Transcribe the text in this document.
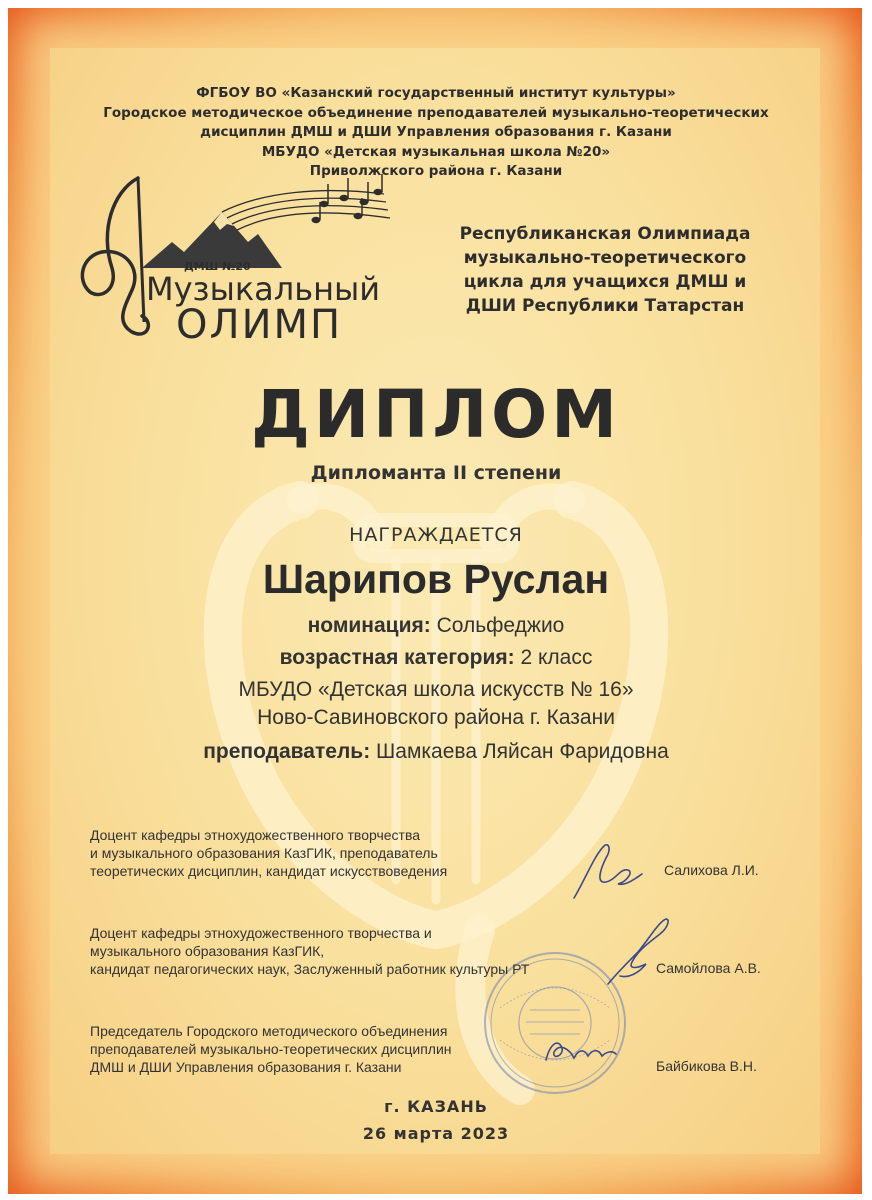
ФГБОУ ВО «Казанский государственный институт культуры»
Городское методическое объединение преподавателей музыкально-теоретических
дисциплин ДМШ и ДШИ Управления образования г. Казани
МБУДО «Детская музыкальная школа №20»
Приволжского района г. Казани
ДМШ №20
Музыкальный
ОЛИМП
Республиканская Олимпиада
музыкально-теоретического
цикла для учащихся ДМШ и
ДШИ Республики Татарстан
ДИПЛОМ
Дипломанта II степени
НАГРАЖДАЕТСЯ
Шарипов Руслан
номинация: Сольфеджио
возрастная категория: 2 класс
МБУДО «Детская школа искусств № 16»
Ново-Савиновского района г. Казани
преподаватель: Шамкаева Ляйсан Фаридовна
Доцент кафедры этнохудожественного творчества
и музыкального образования КазГИК, преподаватель
теоретических дисциплин, кандидат искусствоведения	Салихова Л.И.
Доцент кафедры этнохудожественного творчества и
музыкального образования КазГИК,
кандидат педагогических наук, Заслуженный работник культуры РТ	Самойлова А.В.
Председатель Городского методического объединения
преподавателей музыкально-теоретических дисциплин
ДМШ и ДШИ Управления образования г. Казани	Байбикова В.Н.
г. КАЗАНЬ
26 марта 2023
